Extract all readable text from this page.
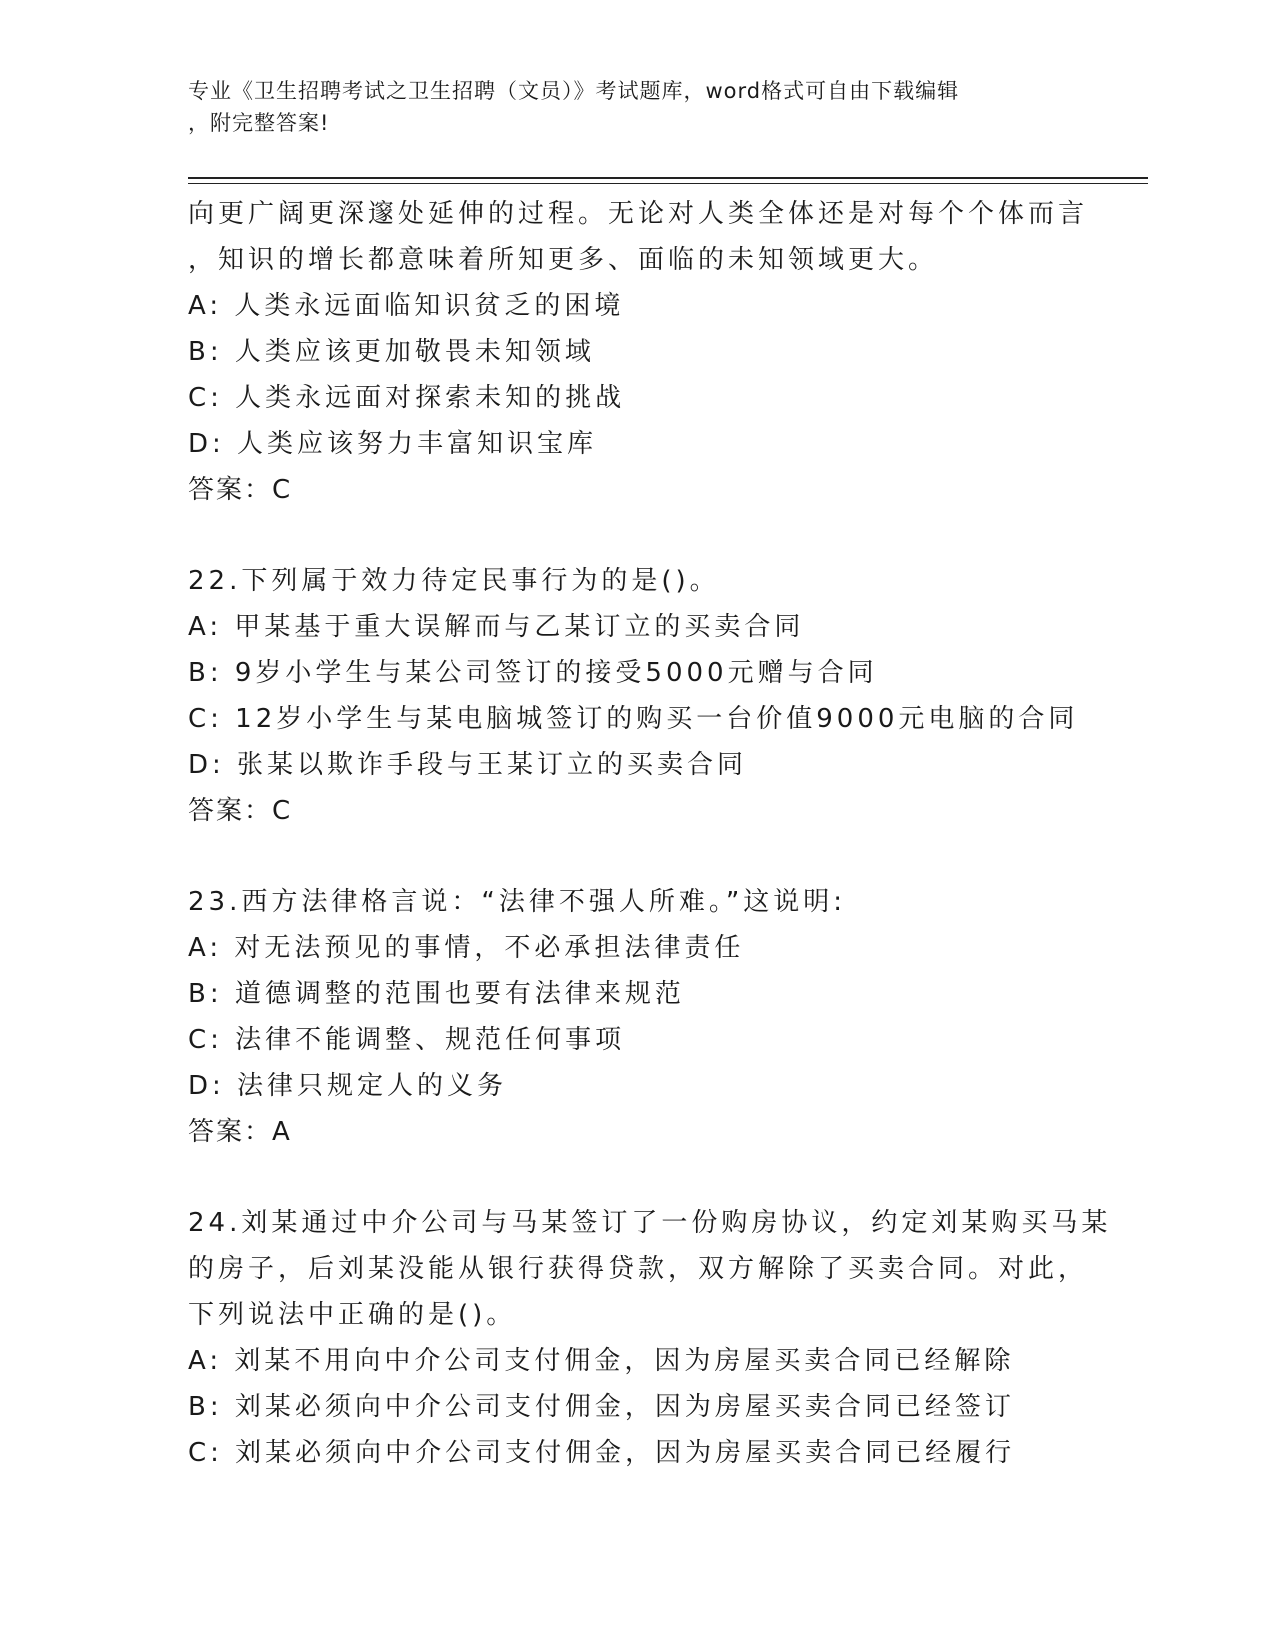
专业《卫生招聘考试之卫生招聘（文员）》考试题库，word格式可自由下载编辑
，附完整答案!
向更广阔更深邃处延伸的过程。无论对人类全体还是对每个个体而言
，知识的增长都意味着所知更多、面临的未知领域更大。
A: 人类永远面临知识贫乏的困境
B: 人类应该更加敬畏未知领域
C: 人类永远面对探索未知的挑战
D: 人类应该努力丰富知识宝库
答案：C
22.下列属于效力待定民事行为的是()。
A: 甲某基于重大误解而与乙某订立的买卖合同
B: 9岁小学生与某公司签订的接受5000元赠与合同
C: 12岁小学生与某电脑城签订的购买一台价值9000元电脑的合同
D: 张某以欺诈手段与王某订立的买卖合同
答案：C
23.西方法律格言说：“法律不强人所难。”这说明:
A: 对无法预见的事情，不必承担法律责任
B: 道德调整的范围也要有法律来规范
C: 法律不能调整、规范任何事项
D: 法律只规定人的义务
答案：A
24.刘某通过中介公司与马某签订了一份购房协议，约定刘某购买马某
的房子，后刘某没能从银行获得贷款，双方解除了买卖合同。对此，
下列说法中正确的是()。
A: 刘某不用向中介公司支付佣金，因为房屋买卖合同已经解除
B: 刘某必须向中介公司支付佣金，因为房屋买卖合同已经签订
C: 刘某必须向中介公司支付佣金，因为房屋买卖合同已经履行
